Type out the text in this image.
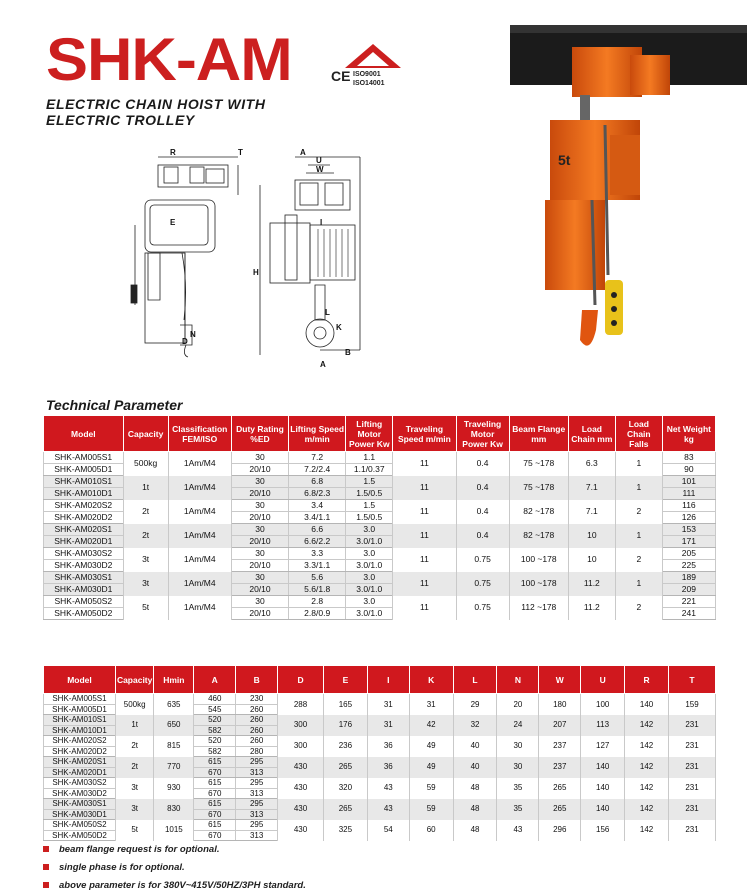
SHK-AM	CE ISO9001
ISO14001
ELECTRIC CHAIN HOIST WITH
ELECTRIC TROLLEY
R	T	A
U
W
E
H
I
L
K
N
D
B
A
5t
Technical Parameter
Model	Capacity	Classification FEM/ISO	Duty Rating %ED	Lifting Speed m/min	Lifting Motor Power Kw	Traveling Speed m/min	Traveling Motor Power Kw	Beam Flange mm	Load Chain mm	Load Chain Falls	Net Weight kg
SHK-AM005S1	500kg	1Am/M4	30	7.2	1.1	11	0.4	75 ~178	6.3	1	83
SHK-AM005D1			20/10	7.2/2.4	1.1/0.37						90
SHK-AM010S1	1t	1Am/M4	30	6.8	1.5	11	0.4	75 ~178	7.1	1	101
SHK-AM010D1			20/10	6.8/2.3	1.5/0.5						111
SHK-AM020S2	2t	1Am/M4	30	3.4	1.5	11	0.4	82 ~178	7.1	2	116
SHK-AM020D2			20/10	3.4/1.1	1.5/0.5						126
SHK-AM020S1	2t	1Am/M4	30	6.6	3.0	11	0.4	82 ~178	10	1	153
SHK-AM020D1			20/10	6.6/2.2	3.0/1.0						171
SHK-AM030S2	3t	1Am/M4	30	3.3	3.0	11	0.75	100 ~178	10	2	205
SHK-AM030D2			20/10	3.3/1.1	3.0/1.0						225
SHK-AM030S1	3t	1Am/M4	30	5.6	3.0	11	0.75	100 ~178	11.2	1	189
SHK-AM030D1			20/10	5.6/1.8	3.0/1.0						209
SHK-AM050S2	5t	1Am/M4	30	2.8	3.0	11	0.75	112 ~178	11.2	2	221
SHK-AM050D2			20/10	2.8/0.9	3.0/1.0						241
Model	Capacity	Hmin	A	B	D	E	I	K	L	N	W	U	R	T
SHK-AM005S1	500kg	635	460	230	288	165	31	31	29	20	180	100	140	159
SHK-AM005D1			545	260										
SHK-AM010S1	1t	650	520	260	300	176	31	42	32	24	207	113	142	231
SHK-AM010D1			582	260										
SHK-AM020S2	2t	815	520	260	300	236	36	49	40	30	237	127	142	231
SHK-AM020D2			582	280										
SHK-AM020S1	2t	770	615	295	430	265	36	49	40	30	237	140	142	231
SHK-AM020D1			670	313										
SHK-AM030S2	3t	930	615	295	430	320	43	59	48	35	265	140	142	231
SHK-AM030D2			670	313										
SHK-AM030S1	3t	830	615	295	430	265	43	59	48	35	265	140	142	231
SHK-AM030D1			670	313										
SHK-AM050S2	5t	1015	615	295	430	325	54	60	48	43	296	156	142	231
SHK-AM050D2			670	313										
beam flange request is for optional.
single phase is for optional.
above parameter is for 380V~415V/50HZ/3PH standard.
